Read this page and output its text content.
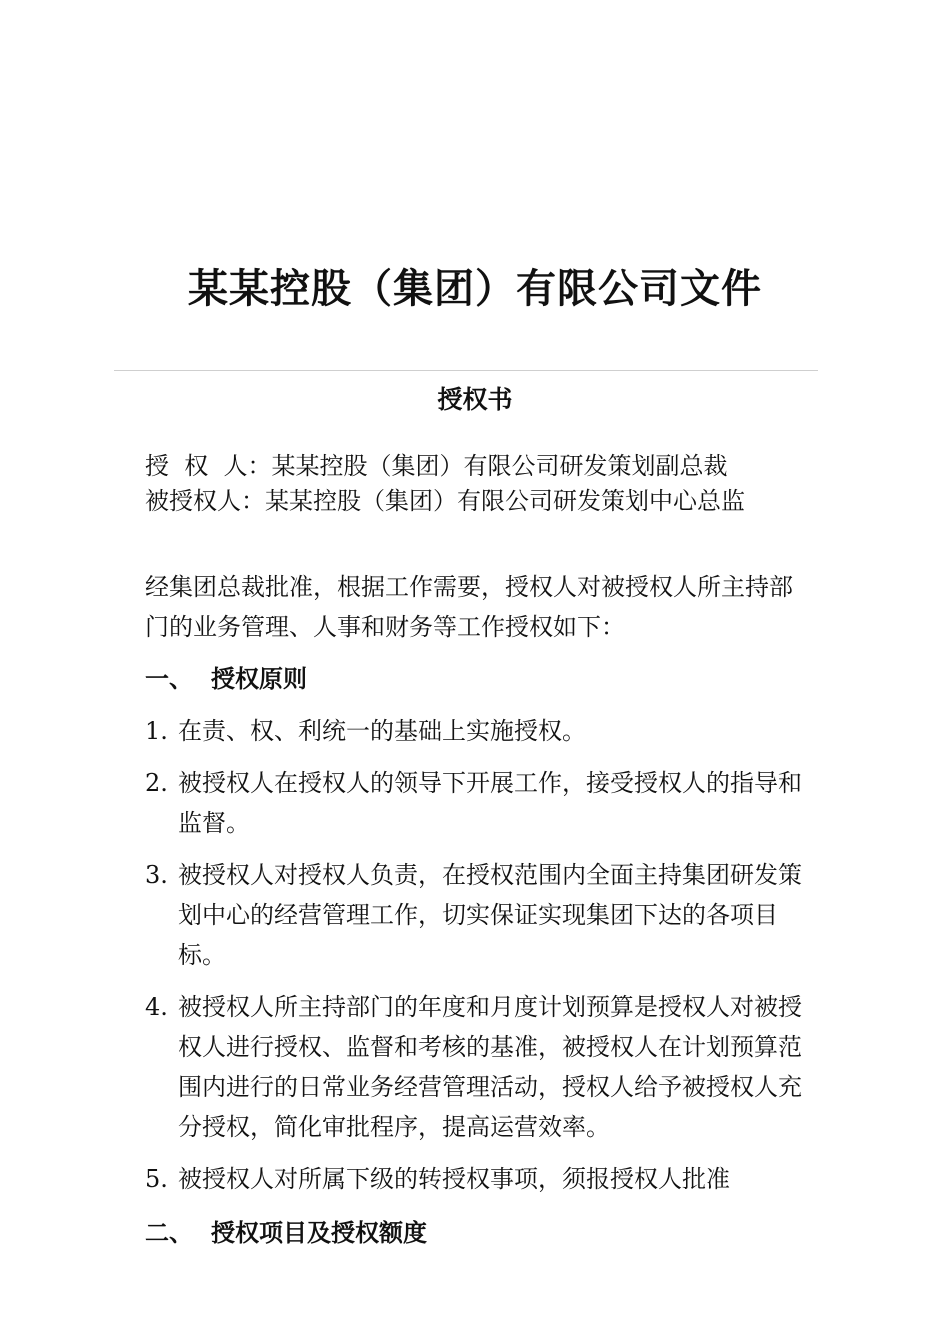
某某控股（集团）有限公司文件
授权书
授  权  人：某某控股（集团）有限公司研发策划副总裁
被授权人：某某控股（集团）有限公司研发策划中心总监
经集团总裁批准，根据工作需要，授权人对被授权人所主持部门的业务管理、人事和财务等工作授权如下：
一、 授权原则
1. 在责、权、利统一的基础上实施授权。
2. 被授权人在授权人的领导下开展工作，接受授权人的指导和监督。
3. 被授权人对授权人负责，在授权范围内全面主持集团研发策划中心的经营管理工作，切实保证实现集团下达的各项目标。
4. 被授权人所主持部门的年度和月度计划预算是授权人对被授权人进行授权、监督和考核的基准，被授权人在计划预算范围内进行的日常业务经营管理活动，授权人给予被授权人充分授权，简化审批程序，提高运营效率。
5. 被授权人对所属下级的转授权事项，须报授权人批准
二、 授权项目及授权额度
